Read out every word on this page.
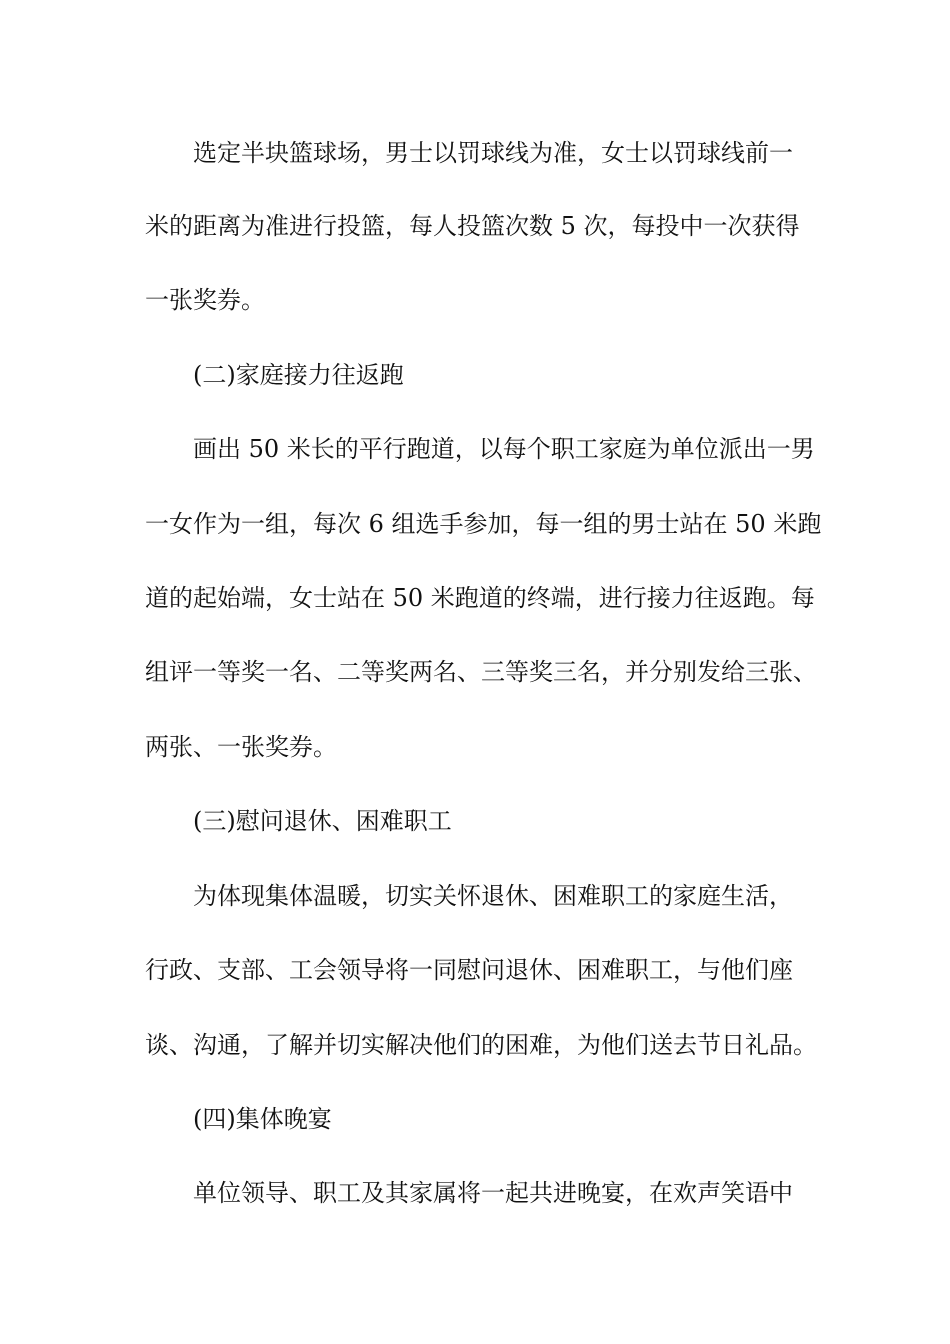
选定半块篮球场，男士以罚球线为准，女士以罚球线前一
米的距离为准进行投篮，每人投篮次数 5 次，每投中一次获得
一张奖券。
(二)家庭接力往返跑
画出 50 米长的平行跑道，以每个职工家庭为单位派出一男
一女作为一组，每次 6 组选手参加，每一组的男士站在 50 米跑
道的起始端，女士站在 50 米跑道的终端，进行接力往返跑。每
组评一等奖一名、二等奖两名、三等奖三名，并分别发给三张、
两张、一张奖券。
(三)慰问退休、困难职工
为体现集体温暖，切实关怀退休、困难职工的家庭生活，
行政、支部、工会领导将一同慰问退休、困难职工，与他们座
谈、沟通，了解并切实解决他们的困难，为他们送去节日礼品。
(四)集体晚宴
单位领导、职工及其家属将一起共进晚宴，在欢声笑语中
